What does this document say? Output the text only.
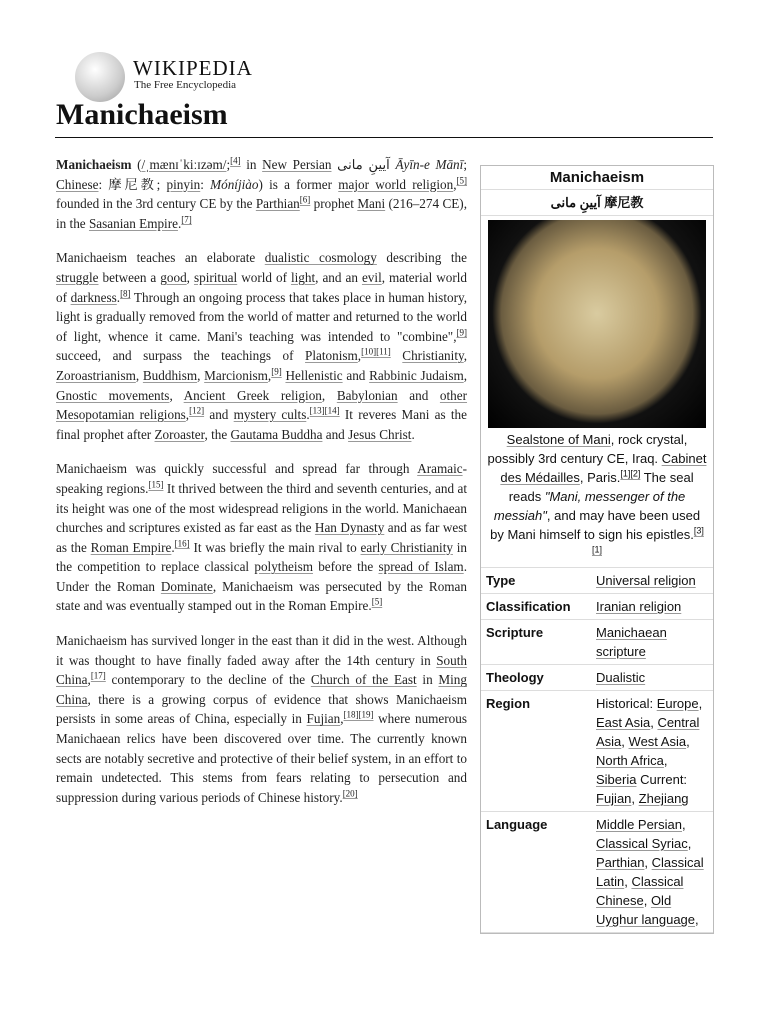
WIKIPEDIA
The Free Encyclopedia
Manichaeism

Manichaeism (/ˌmænɪˈkiːɪzəm/;[4] in New Persian آیینِ مانی Āyīn-e Mānī; Chinese: 摩尼教; pinyin: Móníjiào) is a former major world religion,[5] founded in the 3rd century CE by the Parthian[6] prophet Mani (216–274 CE), in the Sasanian Empire.[7]

Manichaeism teaches an elaborate dualistic cosmology describing the struggle between a good, spiritual world of light, and an evil, material world of darkness.[8] Through an ongoing process that takes place in human history, light is gradually removed from the world of matter and returned to the world of light, whence it came. Mani's teaching was intended to "combine",[9] succeed, and surpass the teachings of Platonism,[10][11] Christianity, Zoroastrianism, Buddhism, Marcionism,[9] Hellenistic and Rabbinic Judaism, Gnostic movements, Ancient Greek religion, Babylonian and other Mesopotamian religions,[12] and mystery cults.[13][14] It reveres Mani as the final prophet after Zoroaster, the Gautama Buddha and Jesus Christ.

Manichaeism was quickly successful and spread far through Aramaic-speaking regions.[15] It thrived between the third and seventh centuries, and at its height was one of the most widespread religions in the world. Manichaean churches and scriptures existed as far east as the Han Dynasty and as far west as the Roman Empire.[16] It was briefly the main rival to early Christianity in the competition to replace classical polytheism before the spread of Islam. Under the Roman Dominate, Manichaeism was persecuted by the Roman state and was eventually stamped out in the Roman Empire.[5]

Manichaeism has survived longer in the east than it did in the west. Although it was thought to have finally faded away after the 14th century in South China,[17] contemporary to the decline of the Church of the East in Ming China, there is a growing corpus of evidence that shows Manichaeism persists in some areas of China, especially in Fujian,[18][19] where numerous Manichaean relics have been discovered over time. The currently known sects are notably secretive and protective of their belief system, in an effort to remain undetected. This stems from fears relating to persecution and suppression during various periods of Chinese history.[20]

Manichaeism
آیینِ مانی 摩尼教
Sealstone of Mani, rock crystal, possibly 3rd century CE, Iraq. Cabinet des Médailles, Paris.[1][2] The seal reads "Mani, messenger of the messiah", and may have been used by Mani himself to sign his epistles.[3][1]
Type	Universal religion
Classification	Iranian religion
Scripture	Manichaean scripture
Theology	Dualistic
Region	Historical: Europe, East Asia, Central Asia, West Asia, North Africa, Siberia Current: Fujian, Zhejiang
Language	Middle Persian, Classical Syriac, Parthian, Classical Latin, Classical Chinese, Old Uyghur language,
